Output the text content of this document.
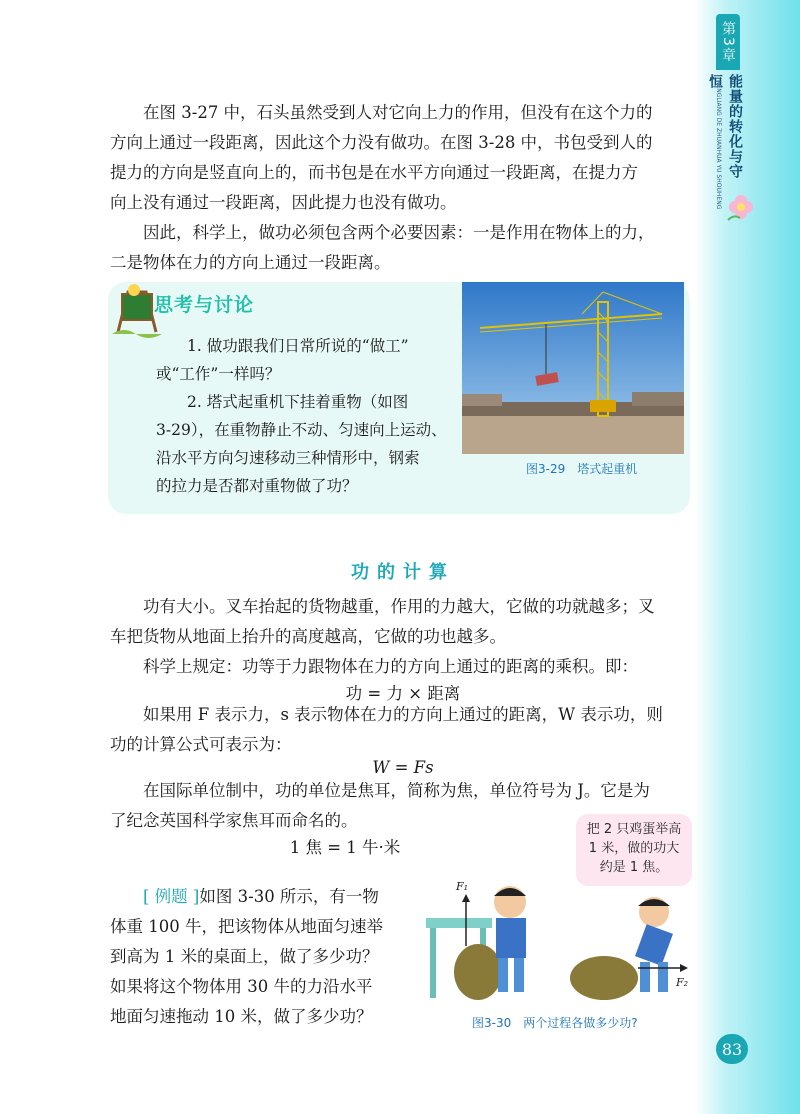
第3章
能量的转化与守恒
NENGLIANG DE ZHUANHUA YU SHOUHENG

在图 3-27 中，石头虽然受到人对它向上力的作用，但没有在这个力的
方向上通过一段距离，因此这个力没有做功。在图 3-28 中，书包受到人的
提力的方向是竖直向上的，而书包是在水平方向通过一段距离，在提力方
向上没有通过一段距离，因此提力也没有做功。

因此，科学上，做功必须包含两个必要因素：一是作用在物体上的力，
二是物体在力的方向上通过一段距离。

思考与讨论

1. 做功跟我们日常所说的“做工”
或“工作”一样吗？

2. 塔式起重机下挂着重物（如图
3-29），在重物静止不动、匀速向上运动、
沿水平方向匀速移动三种情形中，钢索
的拉力是否都对重物做了功？

图3-29　塔式起重机
功的计算

功有大小。叉车抬起的货物越重，作用的力越大，它做的功就越多；叉
车把货物从地面上抬升的高度越高，它做的功也越多。

科学上规定：功等于力跟物体在力的方向上通过的距离的乘积。即：

功 = 力 × 距离

如果用 F 表示力，s 表示物体在力的方向上通过的距离，W 表示功，则
功的计算公式可表示为：

W = Fs

在国际单位制中，功的单位是焦耳，简称为焦，单位符号为 J。它是为
了纪念英国科学家焦耳而命名的。

1 焦 = 1 牛·米
把 2 只鸡蛋举高 1 米，做的功大约是 1 焦。

[ 例题 ]如图 3-30 所示，有一物
体重 100 牛，把该物体从地面匀速举
到高为 1 米的桌面上，做了多少功？
如果将这个物体用 30 牛的力沿水平
地面匀速拖动 10 米，做了多少功？

F₁
F₂
图3-30　两个过程各做多少功?
83
